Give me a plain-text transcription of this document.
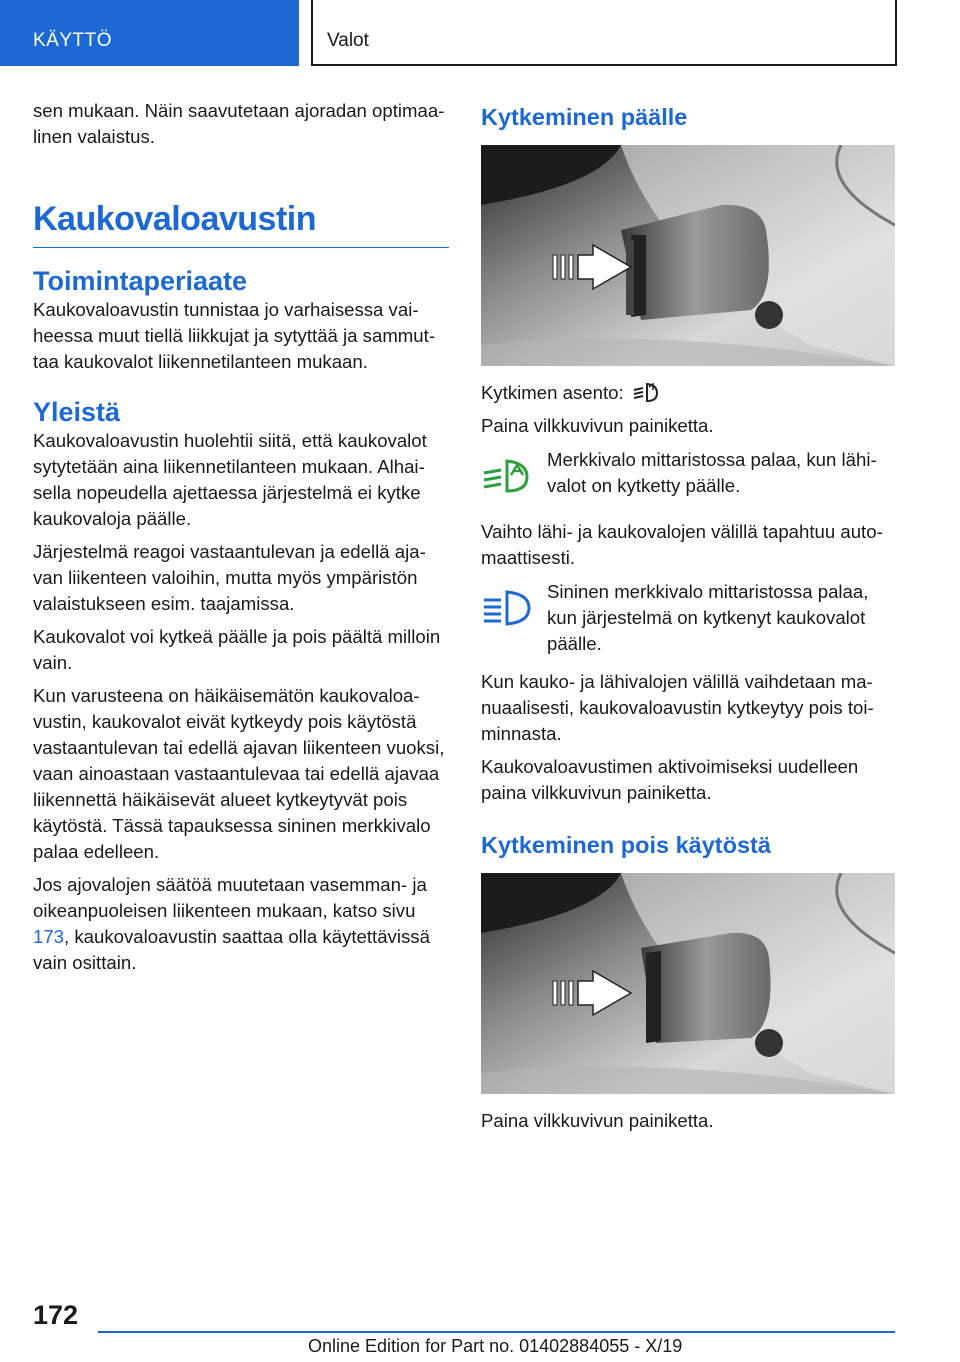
KÄYTTÖ	Valot

sen mukaan. Näin saavutetaan ajoradan optimaalinen valaistus.

Kaukovaloavustin
Toimintaperiaate

Kaukovaloavustin tunnistaa jo varhaisessa vaiheessa muut tiellä liikkujat ja sytyttää ja sammuttaa kaukovalot liikennetilanteen mukaan.

Yleistä

Kaukovaloavustin huolehtii siitä, että kaukovalot sytytetään aina liikennetilanteen mukaan. Alhaisella nopeudella ajettaessa järjestelmä ei kytke kaukovaloja päälle.

Järjestelmä reagoi vastaantulevan ja edellä ajavan liikenteen valoihin, mutta myös ympäristön valaistukseen esim. taajamissa.

Kaukovalot voi kytkeä päälle ja pois päältä milloin vain.

Kun varusteena on häikäisemätön kaukovaloavustin, kaukovalot eivät kytkeydy pois käytöstä vastaantulevan tai edellä ajavan liikenteen vuoksi, vaan ainoastaan vastaantulevaa tai edellä ajavaa liikennettä häikäisevät alueet kytkeytyvät pois käytöstä. Tässä tapauksessa sininen merkkivalo palaa edelleen.

Jos ajovalojen säätöä muutetaan vasemman- ja oikeanpuoleisen liikenteen mukaan, katso sivu 173, kaukovaloavustin saattaa olla käytettävissä vain osittain.

Kytkeminen päälle

Kytkimen asento:

Paina vilkkuvivun painiketta.

Merkkivalo mittaristossa palaa, kun lähivalot on kytketty päälle.

Vaihto lähi- ja kaukovalojen välillä tapahtuu automaattisesti.

Sininen merkkivalo mittaristossa palaa, kun järjestelmä on kytkenyt kaukovalot päälle.

Kun kauko- ja lähivalojen välillä vaihdetaan manuaalisesti, kaukovaloavustin kytkeytyy pois toiminnasta.

Kaukovaloavustimen aktivoimiseksi uudelleen paina vilkkuvivun painiketta.

Kytkeminen pois käytöstä

Paina vilkkuvivun painiketta.

172
Online Edition for Part no. 01402884055 - X/19
